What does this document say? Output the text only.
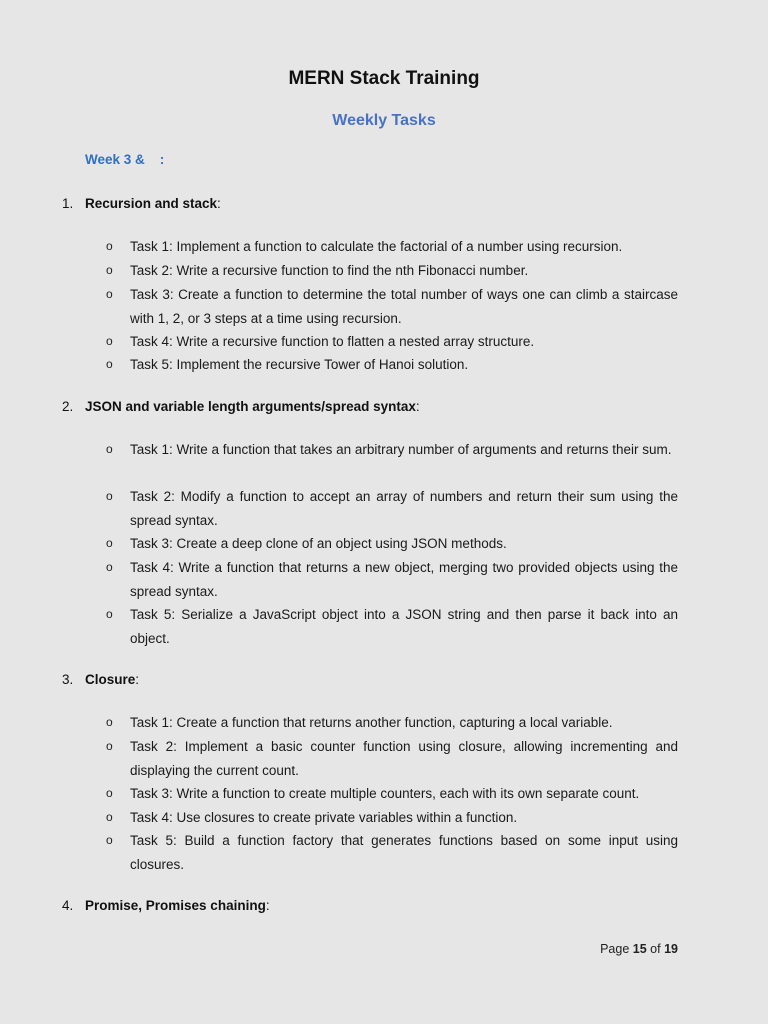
MERN Stack Training
Weekly Tasks
Week 3 &    :
1. Recursion and stack:
o Task 1: Implement a function to calculate the factorial of a number using recursion.
o Task 2: Write a recursive function to find the nth Fibonacci number.
o Task 3: Create a function to determine the total number of ways one can climb a staircase with 1, 2, or 3 steps at a time using recursion.
o Task 4: Write a recursive function to flatten a nested array structure.
o Task 5: Implement the recursive Tower of Hanoi solution.
2. JSON and variable length arguments/spread syntax:
o Task 1: Write a function that takes an arbitrary number of arguments and returns their sum.
o Task 2: Modify a function to accept an array of numbers and return their sum using the spread syntax.
o Task 3: Create a deep clone of an object using JSON methods.
o Task 4: Write a function that returns a new object, merging two provided objects using the spread syntax.
o Task 5: Serialize a JavaScript object into a JSON string and then parse it back into an object.
3. Closure:
o Task 1: Create a function that returns another function, capturing a local variable.
o Task 2: Implement a basic counter function using closure, allowing incrementing and displaying the current count.
o Task 3: Write a function to create multiple counters, each with its own separate count.
o Task 4: Use closures to create private variables within a function.
o Task 5: Build a function factory that generates functions based on some input using closures.
4. Promise, Promises chaining:
Page 15 of 19
